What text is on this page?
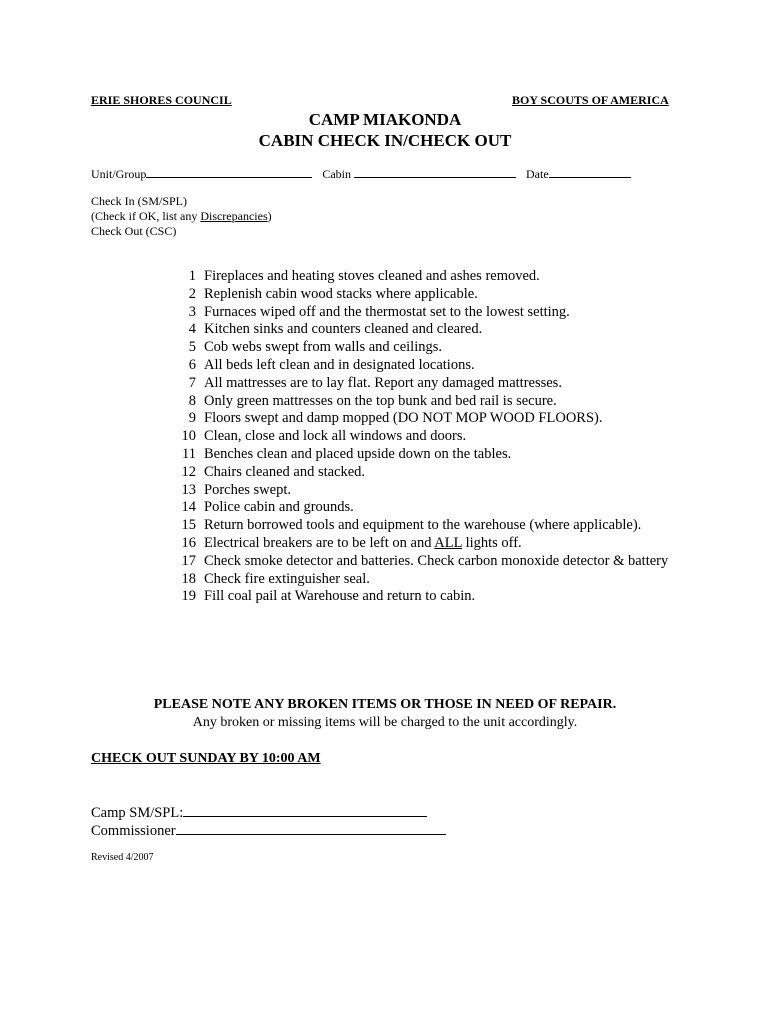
ERIE SHORES COUNCIL	BOY SCOUTS OF AMERICA
CAMP MIAKONDA
CABIN CHECK IN/CHECK OUT
Unit/Group	Cabin	Date
Check In (SM/SPL)
(Check if OK, list any Discrepancies)
Check Out (CSC)
1 Fireplaces and heating stoves cleaned and ashes removed.
2 Replenish cabin wood stacks where applicable.
3 Furnaces wiped off and the thermostat set to the lowest setting.
4 Kitchen sinks and counters cleaned and cleared.
5 Cob webs swept from walls and ceilings.
6 All beds left clean and in designated locations.
7 All mattresses are to lay flat. Report any damaged mattresses.
8 Only green mattresses on the top bunk and bed rail is secure.
9 Floors swept and damp mopped (DO NOT MOP WOOD FLOORS).
10 Clean, close and lock all windows and doors.
11 Benches clean and placed upside down on the tables.
12 Chairs cleaned and stacked.
13 Porches swept.
14 Police cabin and grounds.
15 Return borrowed tools and equipment to the warehouse (where applicable).
16 Electrical breakers are to be left on and ALL lights off.
17 Check smoke detector and batteries. Check carbon monoxide detector & battery
18 Check fire extinguisher seal.
19 Fill coal pail at Warehouse and return to cabin.
PLEASE NOTE ANY BROKEN ITEMS OR THOSE IN NEED OF REPAIR.
Any broken or missing items will be charged to the unit accordingly.
CHECK OUT SUNDAY BY 10:00 AM
Camp SM/SPL:
Commissioner
Revised 4/2007
